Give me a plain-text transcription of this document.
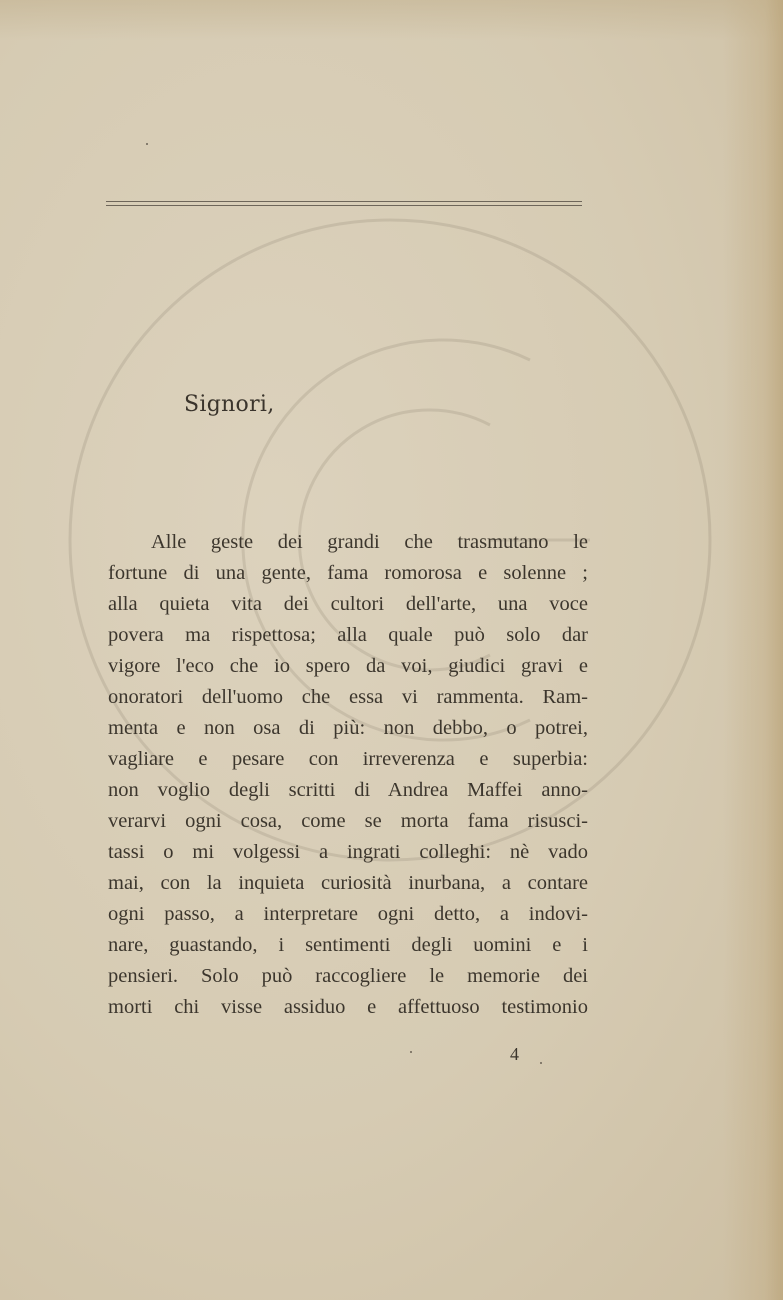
Signori,
Alle geste dei grandi che trasmutano le
fortune di una gente, fama romorosa e solenne ;
alla quieta vita dei cultori dell'arte, una voce
povera ma rispettosa; alla quale può solo dar
vigore l'eco che io spero da voi, giudici gravi e
onoratori dell'uomo che essa vi rammenta. Ram-
menta e non osa di più: non debbo, o potrei,
vagliare e pesare con irreverenza e superbia:
non voglio degli scritti di Andrea Maffei anno-
verarvi ogni cosa, come se morta fama risusci-
tassi o mi volgessi a ingrati colleghi: nè vado
mai, con la inquieta curiosità inurbana, a contare
ogni passo, a interpretare ogni detto, a indovi-
nare, guastando, i sentimenti degli uomini e i
pensieri. Solo può raccogliere le memorie dei
morti chi visse assiduo e affettuoso testimonio
4
